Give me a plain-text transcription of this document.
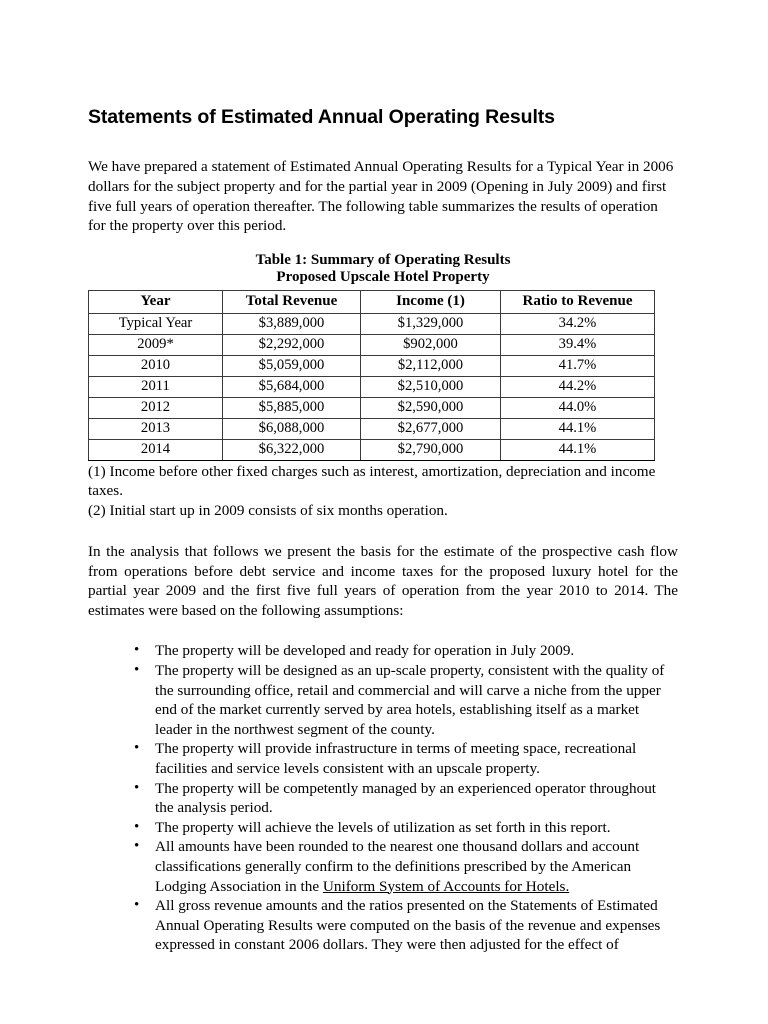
Statements of Estimated Annual Operating Results

We have prepared a statement of Estimated Annual Operating Results for a Typical Year in 2006 dollars for the subject property and for the partial year in 2009 (Opening in July 2009) and first five full years of operation thereafter. The following table summarizes the results of operation for the property over this period.

Table 1: Summary of Operating Results
Proposed Upscale Hotel Property
Year	Total Revenue	Income (1)	Ratio to Revenue
Typical Year	$3,889,000	$1,329,000	34.2%
2009*	$2,292,000	$902,000	39.4%
2010	$5,059,000	$2,112,000	41.7%
2011	$5,684,000	$2,510,000	44.2%
2012	$5,885,000	$2,590,000	44.0%
2013	$6,088,000	$2,677,000	44.1%
2014	$6,322,000	$2,790,000	44.1%
(1) Income before other fixed charges such as interest, amortization, depreciation and income taxes.
(2) Initial start up in 2009 consists of six months operation.

In the analysis that follows we present the basis for the estimate of the prospective cash flow from operations before debt service and income taxes for the proposed luxury hotel for the partial year 2009 and the first five full years of operation from the year 2010 to 2014. The estimates were based on the following assumptions:

• The property will be developed and ready for operation in July 2009.
• The property will be designed as an up-scale property, consistent with the quality of the surrounding office, retail and commercial and will carve a niche from the upper end of the market currently served by area hotels, establishing itself as a market leader in the northwest segment of the county.
• The property will provide infrastructure in terms of meeting space, recreational facilities and service levels consistent with an upscale property.
• The property will be competently managed by an experienced operator throughout the analysis period.
• The property will achieve the levels of utilization as set forth in this report.
• All amounts have been rounded to the nearest one thousand dollars and account classifications generally confirm to the definitions prescribed by the American Lodging Association in the Uniform System of Accounts for Hotels.
• All gross revenue amounts and the ratios presented on the Statements of Estimated Annual Operating Results were computed on the basis of the revenue and expenses expressed in constant 2006 dollars. They were then adjusted for the effect of
